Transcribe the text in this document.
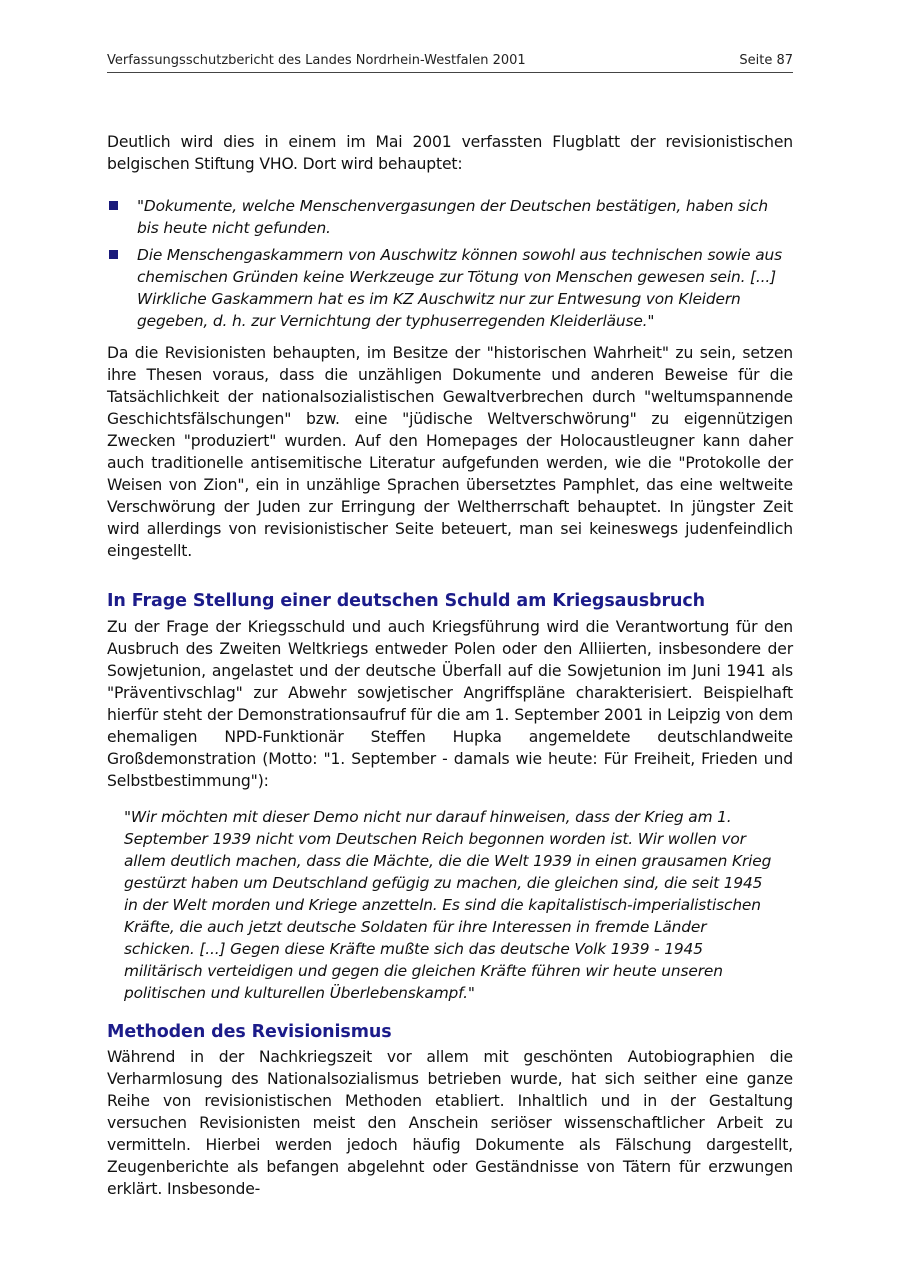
Verfassungsschutzbericht des Landes Nordrhein-Westfalen 2001	Seite 87

Deutlich wird dies in einem im Mai 2001 verfassten Flugblatt der revisionistischen belgischen Stiftung VHO. Dort wird behauptet:

"Dokumente, welche Menschenvergasungen der Deutschen bestätigen, haben sich bis heute nicht gefunden.
Die Menschengaskammern von Auschwitz können sowohl aus technischen sowie aus chemischen Gründen keine Werkzeuge zur Tötung von Menschen gewesen sein. [...] Wirkliche Gaskammern hat es im KZ Auschwitz nur zur Entwesung von Kleidern gegeben, d. h. zur Vernichtung der typhuserregenden Kleiderläuse."

Da die Revisionisten behaupten, im Besitze der "historischen Wahrheit" zu sein, setzen ihre Thesen voraus, dass die unzähligen Dokumente und anderen Beweise für die Tatsächlichkeit der nationalsozialistischen Gewaltverbrechen durch "weltumspannende Geschichtsfälschungen" bzw. eine "jüdische Weltverschwörung" zu eigennützigen Zwecken "produziert" wurden. Auf den Homepages der Holocaustleugner kann daher auch traditionelle antisemitische Literatur aufgefunden werden, wie die "Protokolle der Weisen von Zion", ein in unzählige Sprachen übersetztes Pamphlet, das eine weltweite Verschwörung der Juden zur Erringung der Weltherrschaft behauptet. In jüngster Zeit wird allerdings von revisionistischer Seite beteuert, man sei keineswegs judenfeindlich eingestellt.

In Frage Stellung einer deutschen Schuld am Kriegsausbruch

Zu der Frage der Kriegsschuld und auch Kriegsführung wird die Verantwortung für den Ausbruch des Zweiten Weltkriegs entweder Polen oder den Alliierten, insbesondere der Sowjetunion, angelastet und der deutsche Überfall auf die Sowjetunion im Juni 1941 als "Präventivschlag" zur Abwehr sowjetischer Angriffspläne charakterisiert. Beispielhaft hierfür steht der Demonstrationsaufruf für die am 1. September 2001 in Leipzig von dem ehemaligen NPD-Funktionär Steffen Hupka angemeldete deutschlandweite Großdemonstration (Motto: "1. September - damals wie heute: Für Freiheit, Frieden und Selbstbestimmung"):

"Wir möchten mit dieser Demo nicht nur darauf hinweisen, dass der Krieg am 1. September 1939 nicht vom Deutschen Reich begonnen worden ist. Wir wollen vor allem deutlich machen, dass die Mächte, die die Welt 1939 in einen grausamen Krieg gestürzt haben um Deutschland gefügig zu machen, die gleichen sind, die seit 1945 in der Welt morden und Kriege anzetteln. Es sind die kapitalistisch-imperialistischen Kräfte, die auch jetzt deutsche Soldaten für ihre Interessen in fremde Länder schicken. [...] Gegen diese Kräfte mußte sich das deutsche Volk 1939 - 1945 militärisch verteidigen und gegen die gleichen Kräfte führen wir heute unseren politischen und kulturellen Überlebenskampf."

Methoden des Revisionismus

Während in der Nachkriegszeit vor allem mit geschönten Autobiographien die Verharmlosung des Nationalsozialismus betrieben wurde, hat sich seither eine ganze Reihe von revisionistischen Methoden etabliert. Inhaltlich und in der Gestaltung versuchen Revisionisten meist den Anschein seriöser wissenschaftlicher Arbeit zu vermitteln. Hierbei werden jedoch häufig Dokumente als Fälschung dargestellt, Zeugenberichte als befangen abgelehnt oder Geständnisse von Tätern für erzwungen erklärt. Insbesonde-
